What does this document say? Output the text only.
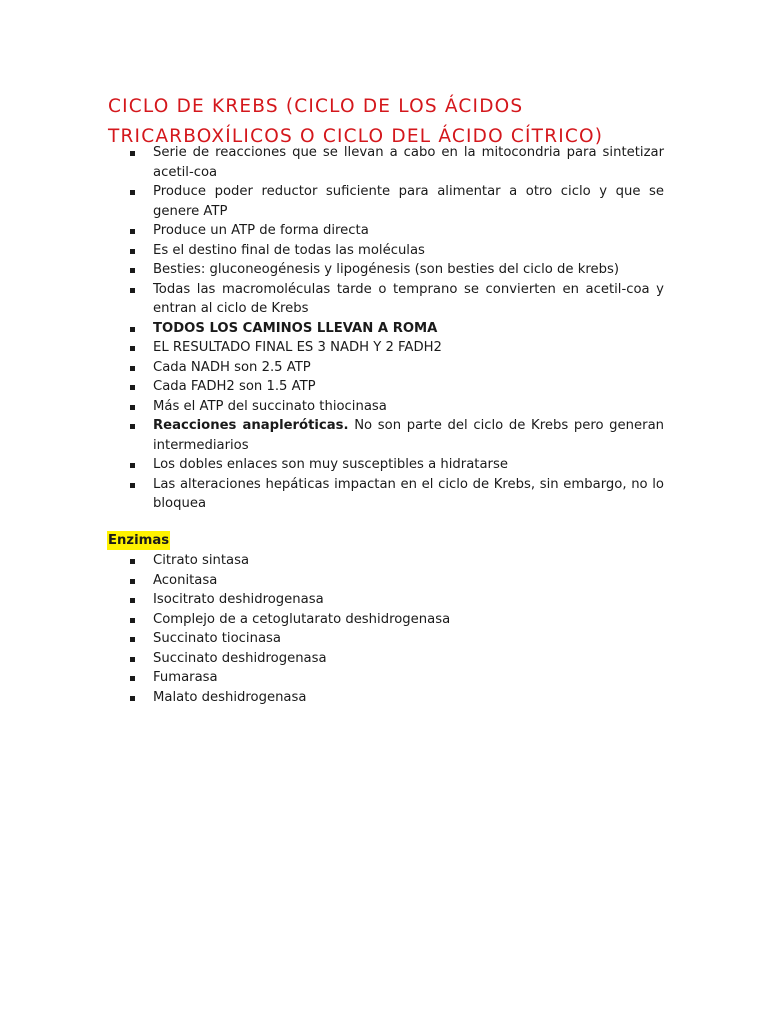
CICLO DE KREBS (CICLO DE LOS ÁCIDOS TRICARBOXÍLICOS O CICLO DEL ÁCIDO CÍTRICO)
Serie de reacciones que se llevan a cabo en la mitocondria para sintetizar acetil-coa
Produce poder reductor suficiente para alimentar a otro ciclo y que se genere ATP
Produce un ATP de forma directa
Es el destino final de todas las moléculas
Besties: gluconeogénesis y lipogénesis (son besties del ciclo de krebs)
Todas las macromoléculas tarde o temprano se convierten en acetil-coa y entran al ciclo de Krebs
TODOS LOS CAMINOS LLEVAN A ROMA
EL RESULTADO FINAL ES 3 NADH Y 2 FADH2
Cada NADH son 2.5 ATP
Cada FADH2 son 1.5 ATP
Más el ATP del succinato thiocinasa
Reacciones anapleróticas. No son parte del ciclo de Krebs pero generan intermediarios
Los dobles enlaces son muy susceptibles a hidratarse
Las alteraciones hepáticas impactan en el ciclo de Krebs, sin embargo, no lo bloquea
Enzimas
Citrato sintasa
Aconitasa
Isocitrato deshidrogenasa
Complejo de a cetoglutarato deshidrogenasa
Succinato tiocinasa
Succinato deshidrogenasa
Fumarasa
Malato deshidrogenasa
